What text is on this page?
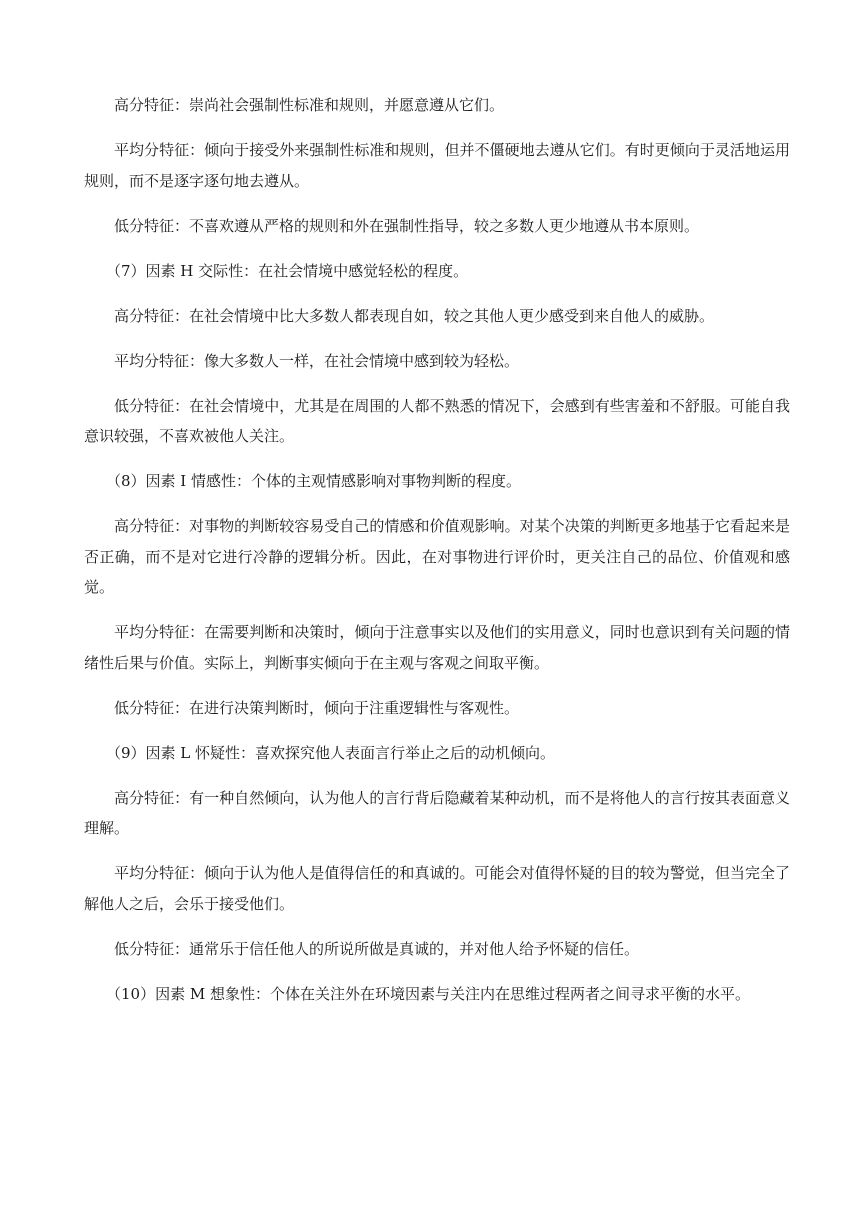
高分特征：崇尚社会强制性标准和规则，并愿意遵从它们。

平均分特征：倾向于接受外来强制性标准和规则，但并不僵硬地去遵从它们。有时更倾向于灵活地运用规则，而不是逐字逐句地去遵从。

低分特征：不喜欢遵从严格的规则和外在强制性指导，较之多数人更少地遵从书本原则。

（7）因素 H 交际性：在社会情境中感觉轻松的程度。

高分特征：在社会情境中比大多数人都表现自如，较之其他人更少感受到来自他人的威胁。

平均分特征：像大多数人一样，在社会情境中感到较为轻松。

低分特征：在社会情境中，尤其是在周围的人都不熟悉的情况下，会感到有些害羞和不舒服。可能自我意识较强，不喜欢被他人关注。

（8）因素 I 情感性：个体的主观情感影响对事物判断的程度。

高分特征：对事物的判断较容易受自己的情感和价值观影响。对某个决策的判断更多地基于它看起来是否正确，而不是对它进行冷静的逻辑分析。因此，在对事物进行评价时，更关注自己的品位、价值观和感觉。

平均分特征：在需要判断和决策时，倾向于注意事实以及他们的实用意义，同时也意识到有关问题的情绪性后果与价值。实际上，判断事实倾向于在主观与客观之间取平衡。

低分特征：在进行决策判断时，倾向于注重逻辑性与客观性。

（9）因素 L 怀疑性：喜欢探究他人表面言行举止之后的动机倾向。

高分特征：有一种自然倾向，认为他人的言行背后隐藏着某种动机，而不是将他人的言行按其表面意义理解。

平均分特征：倾向于认为他人是值得信任的和真诚的。可能会对值得怀疑的目的较为警觉，但当完全了解他人之后，会乐于接受他们。

低分特征：通常乐于信任他人的所说所做是真诚的，并对他人给予怀疑的信任。

（10）因素 M 想象性：个体在关注外在环境因素与关注内在思维过程两者之间寻求平衡的水平。
